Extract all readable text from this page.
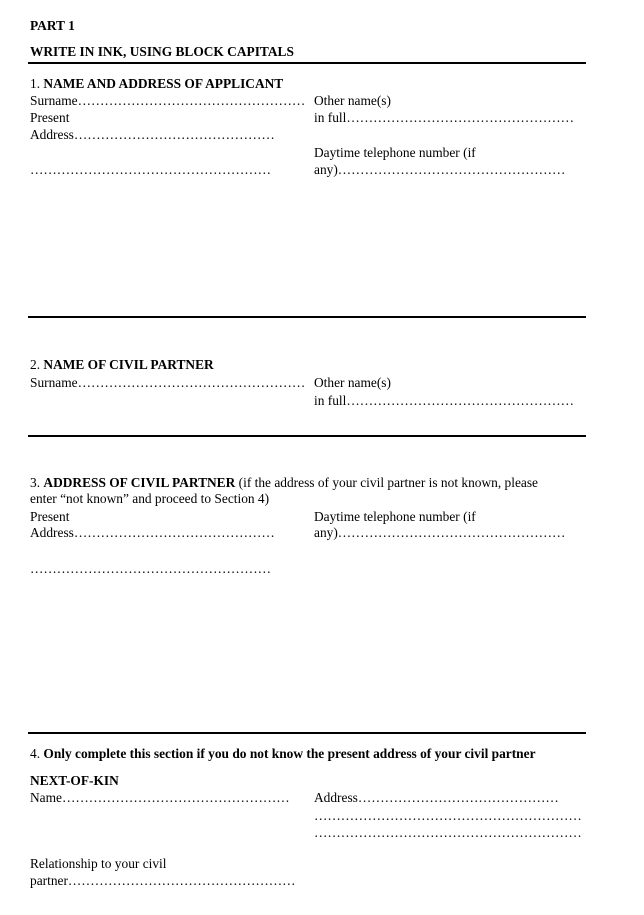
PART 1
WRITE IN INK, USING BLOCK CAPITALS
1. NAME AND ADDRESS OF APPLICANT
Surname……………………………………………
Present
Address………………………………………
………………………………………………
Other name(s)
in full……………………………………………
Daytime telephone number (if
any)……………………………………………
2. NAME OF CIVIL PARTNER
Surname…………………………………………… Other name(s)
in full……………………………………………
3. ADDRESS OF CIVIL PARTNER (if the address of your civil partner is not known, please
enter “not known” and proceed to Section 4)
Present
Address………………………………………
………………………………………………
Daytime telephone number (if
any)……………………………………………
4. Only complete this section if you do not know the present address of your civil partner
NEXT-OF-KIN
Name…………………………………………… Address………………………………………
……………………………………………………
……………………………………………………
Relationship to your civil
partner……………………………………………
